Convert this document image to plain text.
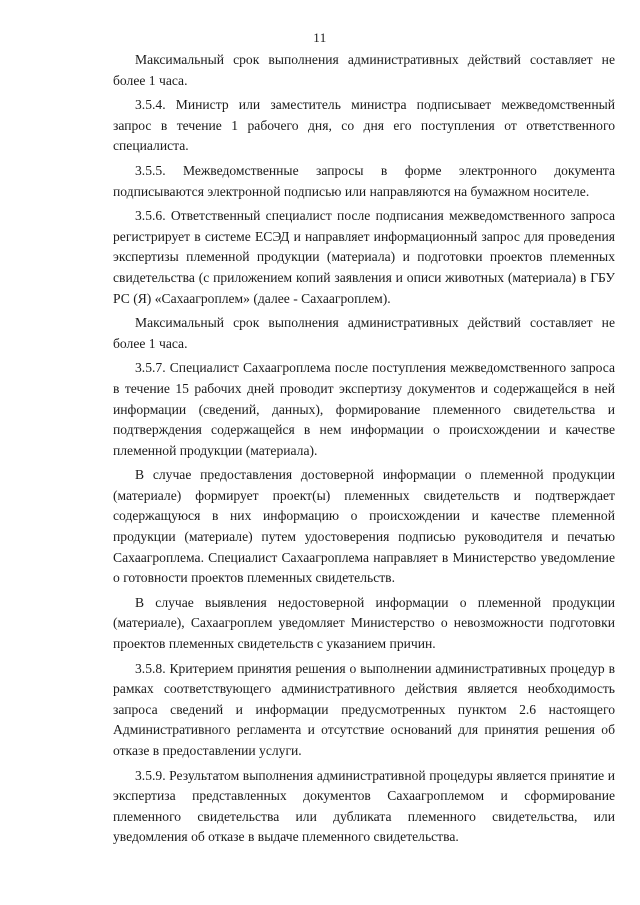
11

Максимальный срок выполнения административных действий составляет не более 1 часа.

3.5.4. Министр или заместитель министра подписывает межведомственный запрос в течение 1 рабочего дня, со дня его поступления от ответственного специалиста.

3.5.5. Межведомственные запросы в форме электронного документа подписываются электронной подписью или направляются на бумажном носителе.

3.5.6. Ответственный специалист после подписания межведомственного запроса регистрирует в системе ЕСЭД и направляет информационный запрос для проведения экспертизы племенной продукции (материала) и подготовки проектов племенных свидетельства (с приложением копий заявления и описи животных (материала) в ГБУ РС (Я) «Сахаагроплем» (далее - Сахаагроплем).

Максимальный срок выполнения административных действий составляет не более 1 часа.

3.5.7. Специалист Сахаагроплема после поступления межведомственного запроса в течение 15 рабочих дней проводит экспертизу документов и содержащейся в ней информации (сведений, данных), формирование племенного свидетельства и подтверждения содержащейся в нем информации о происхождении и качестве племенной продукции (материала).

В случае предоставления достоверной информации о племенной продукции (материале) формирует проект(ы) племенных свидетельств и подтверждает содержащуюся в них информацию о происхождении и качестве племенной продукции (материале) путем удостоверения подписью руководителя и печатью Сахаагроплема. Специалист Сахаагроплема направляет в Министерство уведомление о готовности проектов племенных свидетельств.

В случае выявления недостоверной информации о племенной продукции (материале), Сахаагроплем уведомляет Министерство о невозможности подготовки проектов племенных свидетельств с указанием причин.

3.5.8. Критерием принятия решения о выполнении административных процедур в рамках соответствующего административного действия является необходимость запроса сведений и информации предусмотренных пунктом 2.6 настоящего Административного регламента и отсутствие оснований для принятия решения об отказе в предоставлении услуги.

3.5.9. Результатом выполнения административной процедуры является принятие и экспертиза представленных документов Сахаагроплемом и сформирование племенного свидетельства или дубликата племенного свидетельства, или уведомления об отказе в выдаче племенного свидетельства.
